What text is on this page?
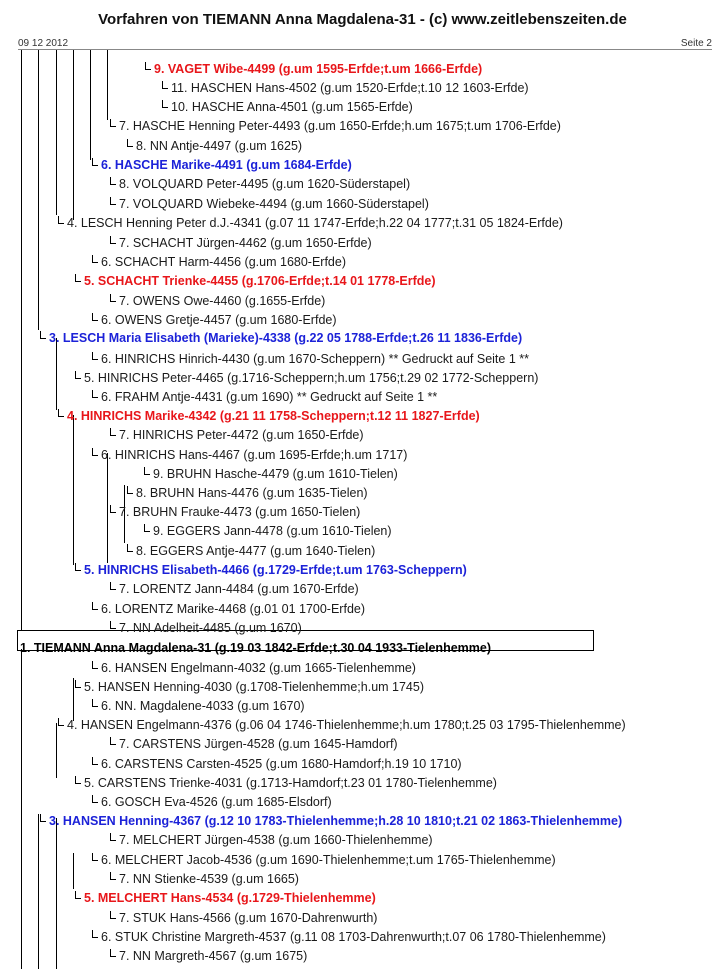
Vorfahren von TIEMANN Anna Magdalena-31 - (c) www.zeitlebenszeiten.de
09 12 2012	Seite 2
9. VAGET Wibe-4499 (g.um 1595-Erfde;t.um 1666-Erfde)
11. HASCHEN Hans-4502 (g.um 1520-Erfde;t.10 12 1603-Erfde)
10. HASCHE Anna-4501 (g.um 1565-Erfde)
7. HASCHE Henning Peter-4493 (g.um 1650-Erfde;h.um 1675;t.um 1706-Erfde)
8. NN Antje-4497 (g.um 1625)
6. HASCHE Marike-4491 (g.um 1684-Erfde)
8. VOLQUARD Peter-4495 (g.um 1620-Süderstapel)
7. VOLQUARD Wiebeke-4494 (g.um 1660-Süderstapel)
4. LESCH Henning Peter d.J.-4341 (g.07 11 1747-Erfde;h.22 04 1777;t.31 05 1824-Erfde)
7. SCHACHT Jürgen-4462 (g.um 1650-Erfde)
6. SCHACHT Harm-4456 (g.um 1680-Erfde)
5. SCHACHT Trienke-4455 (g.1706-Erfde;t.14 01 1778-Erfde)
7. OWENS Owe-4460 (g.1655-Erfde)
6. OWENS Gretje-4457 (g.um 1680-Erfde)
3. LESCH Maria Elisabeth (Marieke)-4338 (g.22 05 1788-Erfde;t.26 11 1836-Erfde)
6. HINRICHS Hinrich-4430 (g.um 1670-Scheppern) ** Gedruckt auf Seite 1 **
5. HINRICHS Peter-4465 (g.1716-Scheppern;h.um 1756;t.29 02 1772-Scheppern)
6. FRAHM Antje-4431 (g.um 1690) ** Gedruckt auf Seite 1 **
4. HINRICHS Marike-4342 (g.21 11 1758-Scheppern;t.12 11 1827-Erfde)
7. HINRICHS Peter-4472 (g.um 1650-Erfde)
6. HINRICHS Hans-4467 (g.um 1695-Erfde;h.um 1717)
9. BRUHN Hasche-4479 (g.um 1610-Tielen)
8. BRUHN Hans-4476 (g.um 1635-Tielen)
7. BRUHN Frauke-4473 (g.um 1650-Tielen)
9. EGGERS Jann-4478 (g.um 1610-Tielen)
8. EGGERS Antje-4477 (g.um 1640-Tielen)
5. HINRICHS Elisabeth-4466 (g.1729-Erfde;t.um 1763-Scheppern)
7. LORENTZ Jann-4484 (g.um 1670-Erfde)
6. LORENTZ Marike-4468 (g.01 01 1700-Erfde)
7. NN Adelheit-4485 (g.um 1670)
1. TIEMANN Anna Magdalena-31 (g.19 03 1842-Erfde;t.30 04 1933-Tielenhemme)
6. HANSEN Engelmann-4032 (g.um 1665-Tielenhemme)
5. HANSEN Henning-4030 (g.1708-Tielenhemme;h.um 1745)
6. NN. Magdalene-4033 (g.um 1670)
4. HANSEN Engelmann-4376 (g.06 04 1746-Thielenhemme;h.um 1780;t.25 03 1795-Thielenhemme)
7. CARSTENS Jürgen-4528 (g.um 1645-Hamdorf)
6. CARSTENS Carsten-4525 (g.um 1680-Hamdorf;h.19 10 1710)
5. CARSTENS Trienke-4031 (g.1713-Hamdorf;t.23 01 1780-Tielenhemme)
6. GOSCH Eva-4526 (g.um 1685-Elsdorf)
3. HANSEN Henning-4367 (g.12 10 1783-Thielenhemme;h.28 10 1810;t.21 02 1863-Thielenhemme)
7. MELCHERT Jürgen-4538 (g.um 1660-Thielenhemme)
6. MELCHERT Jacob-4536 (g.um 1690-Thielenhemme;t.um 1765-Thielenhemme)
7. NN Stienke-4539 (g.um 1665)
5. MELCHERT Hans-4534 (g.1729-Thielenhemme)
7. STUK Hans-4566 (g.um 1670-Dahrenwurth)
6. STUK Christine Margreth-4537 (g.11 08 1703-Dahrenwurth;t.07 06 1780-Thielenhemme)
7. NN Margreth-4567 (g.um 1675)
